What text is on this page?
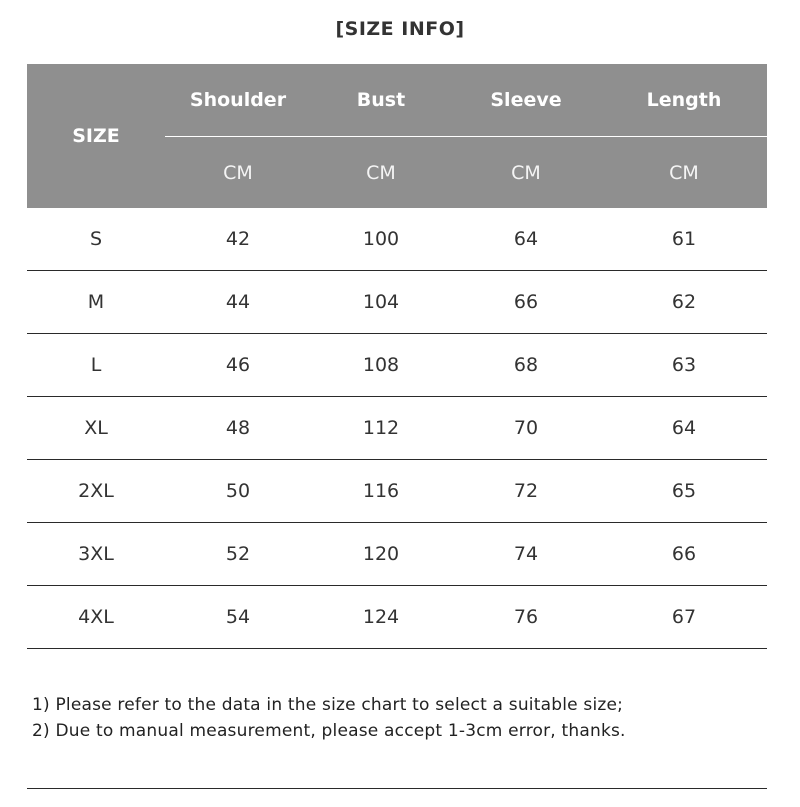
[SIZE INFO]
SIZE
Shoulder	Bust	Sleeve	Length
CM	CM	CM	CM
S	42	100	64	61
M	44	104	66	62
L	46	108	68	63
XL	48	112	70	64
2XL	50	116	72	65
3XL	52	120	74	66
4XL	54	124	76	67
1) Please refer to the data in the size chart to select a suitable size;
2) Due to manual measurement, please accept 1-3cm error, thanks.
